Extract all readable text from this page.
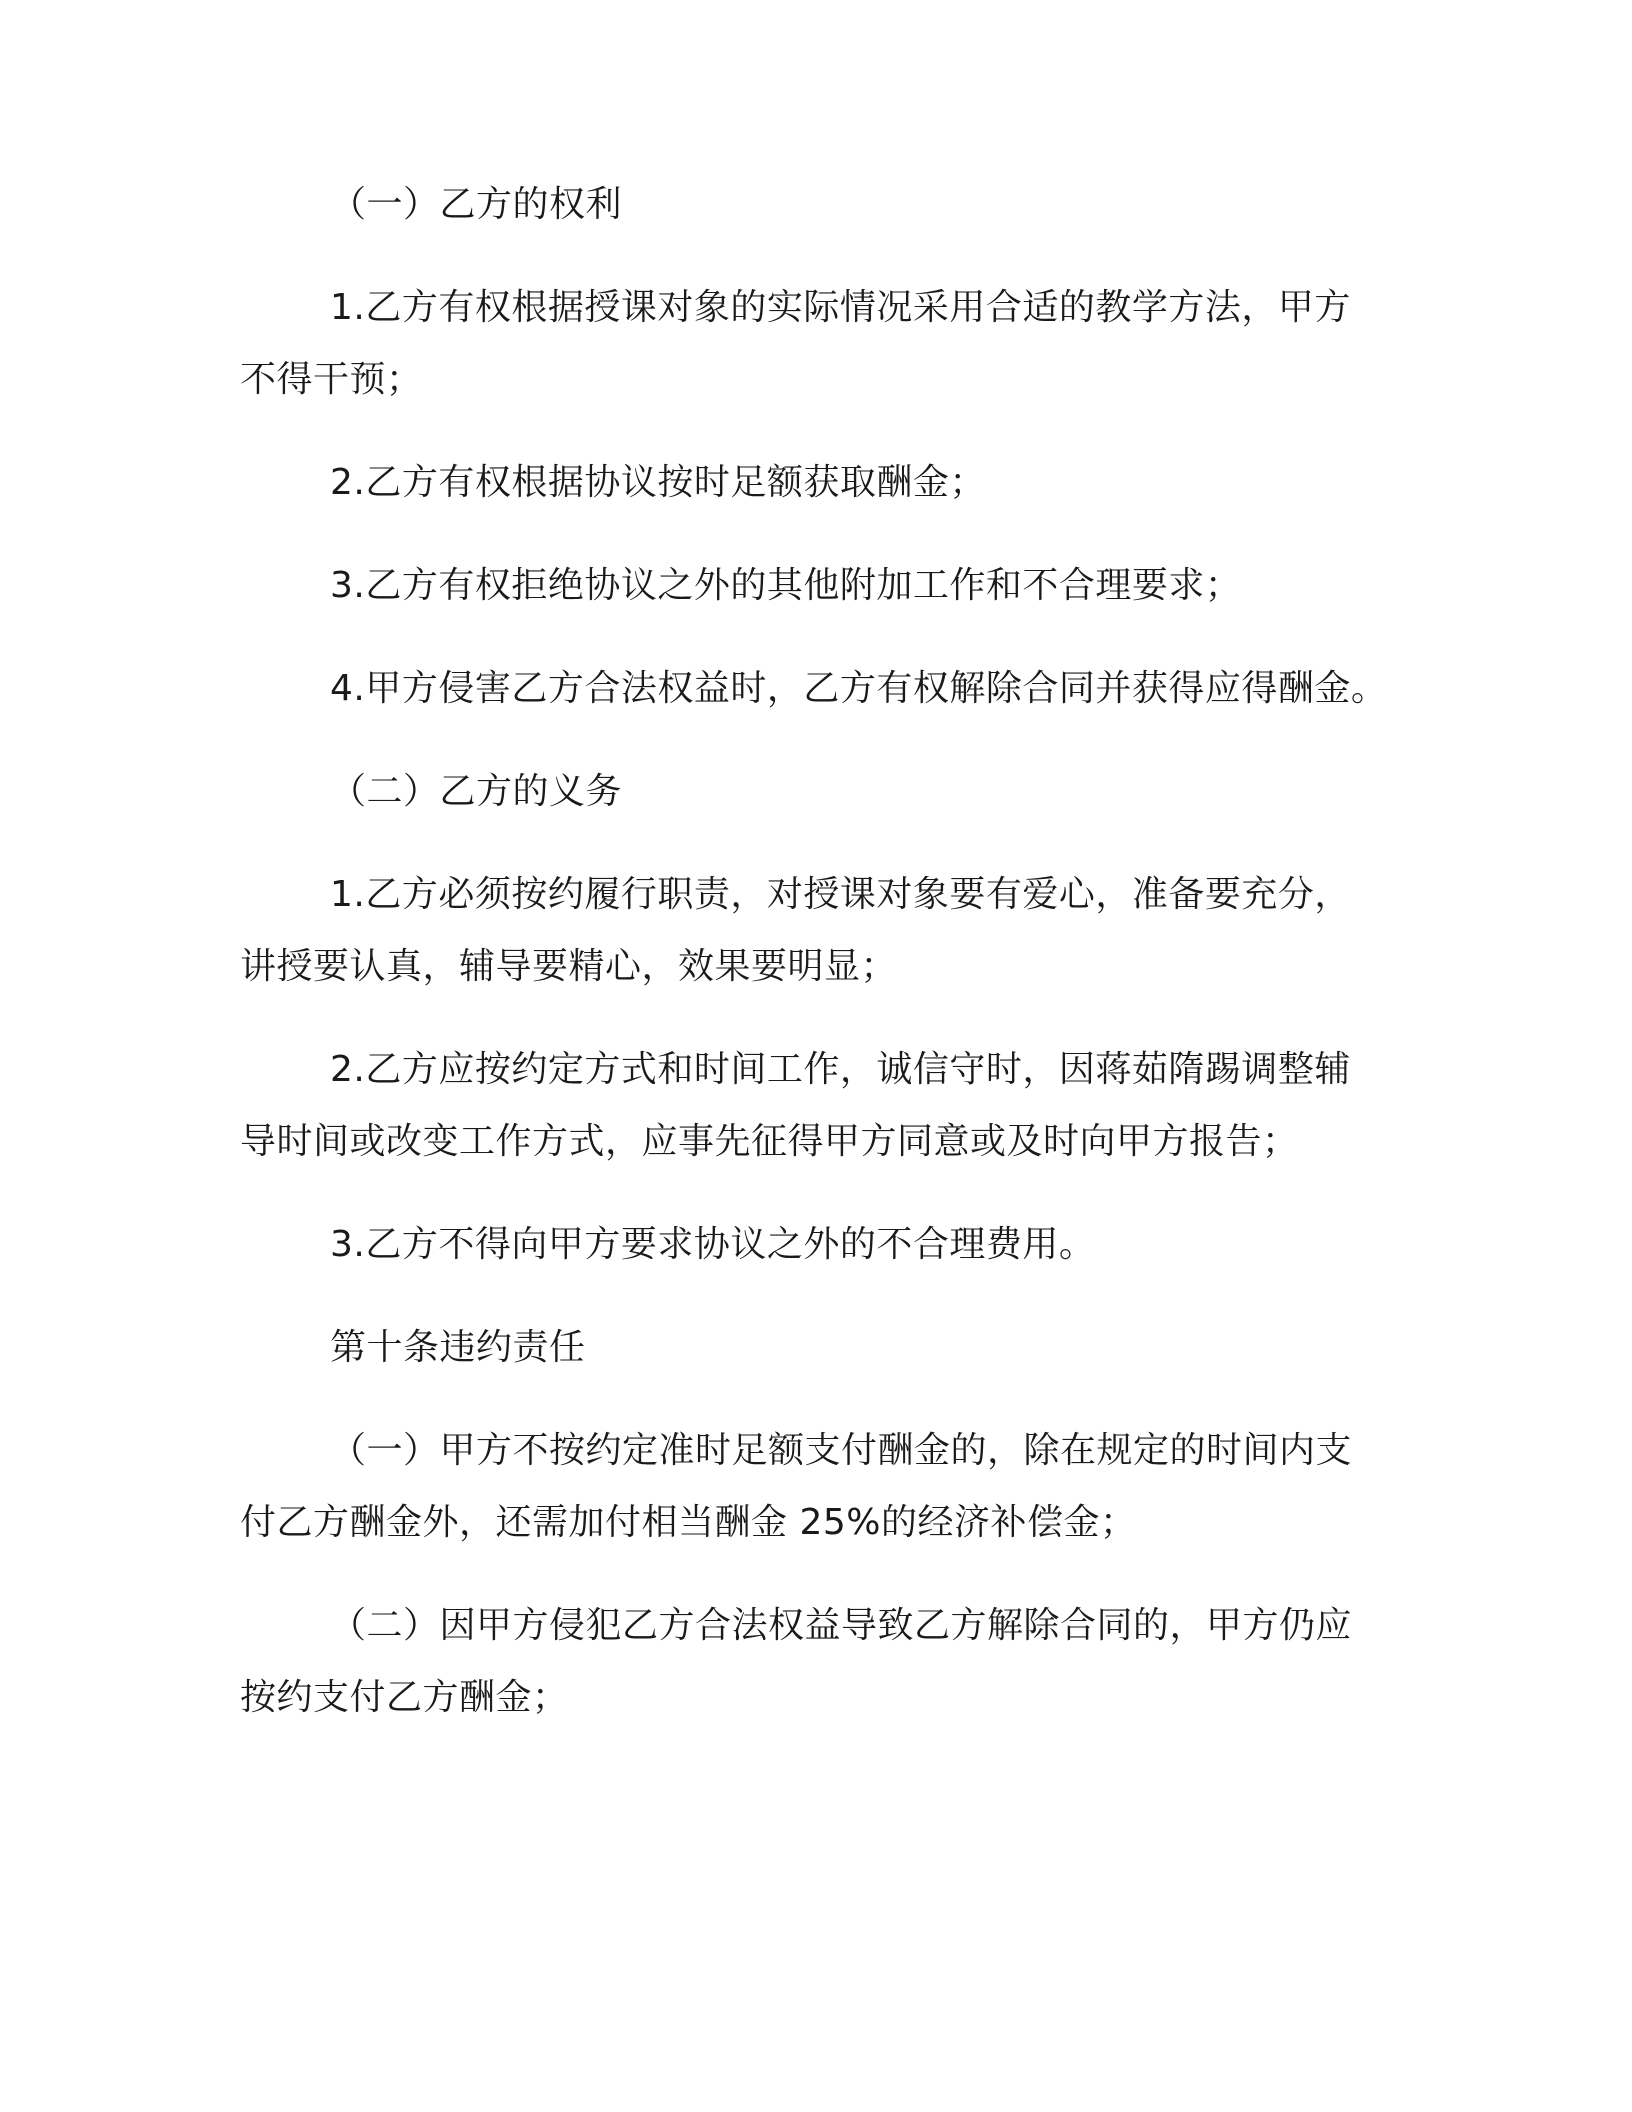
（一）乙方的权利
1.乙方有权根据授课对象的实际情况采用合适的教学方法，甲方
不得干预；
2.乙方有权根据协议按时足额获取酬金；
3.乙方有权拒绝协议之外的其他附加工作和不合理要求；
4.甲方侵害乙方合法权益时，乙方有权解除合同并获得应得酬金。
（二）乙方的义务
1.乙方必须按约履行职责，对授课对象要有爱心，准备要充分，
讲授要认真，辅导要精心，效果要明显；
2.乙方应按约定方式和时间工作，诚信守时，因蒋茹隋踢调整辅
导时间或改变工作方式，应事先征得甲方同意或及时向甲方报告；
3.乙方不得向甲方要求协议之外的不合理费用。
第十条违约责任
（一）甲方不按约定准时足额支付酬金的，除在规定的时间内支
付乙方酬金外，还需加付相当酬金 25%的经济补偿金；
（二）因甲方侵犯乙方合法权益导致乙方解除合同的，甲方仍应
按约支付乙方酬金；
